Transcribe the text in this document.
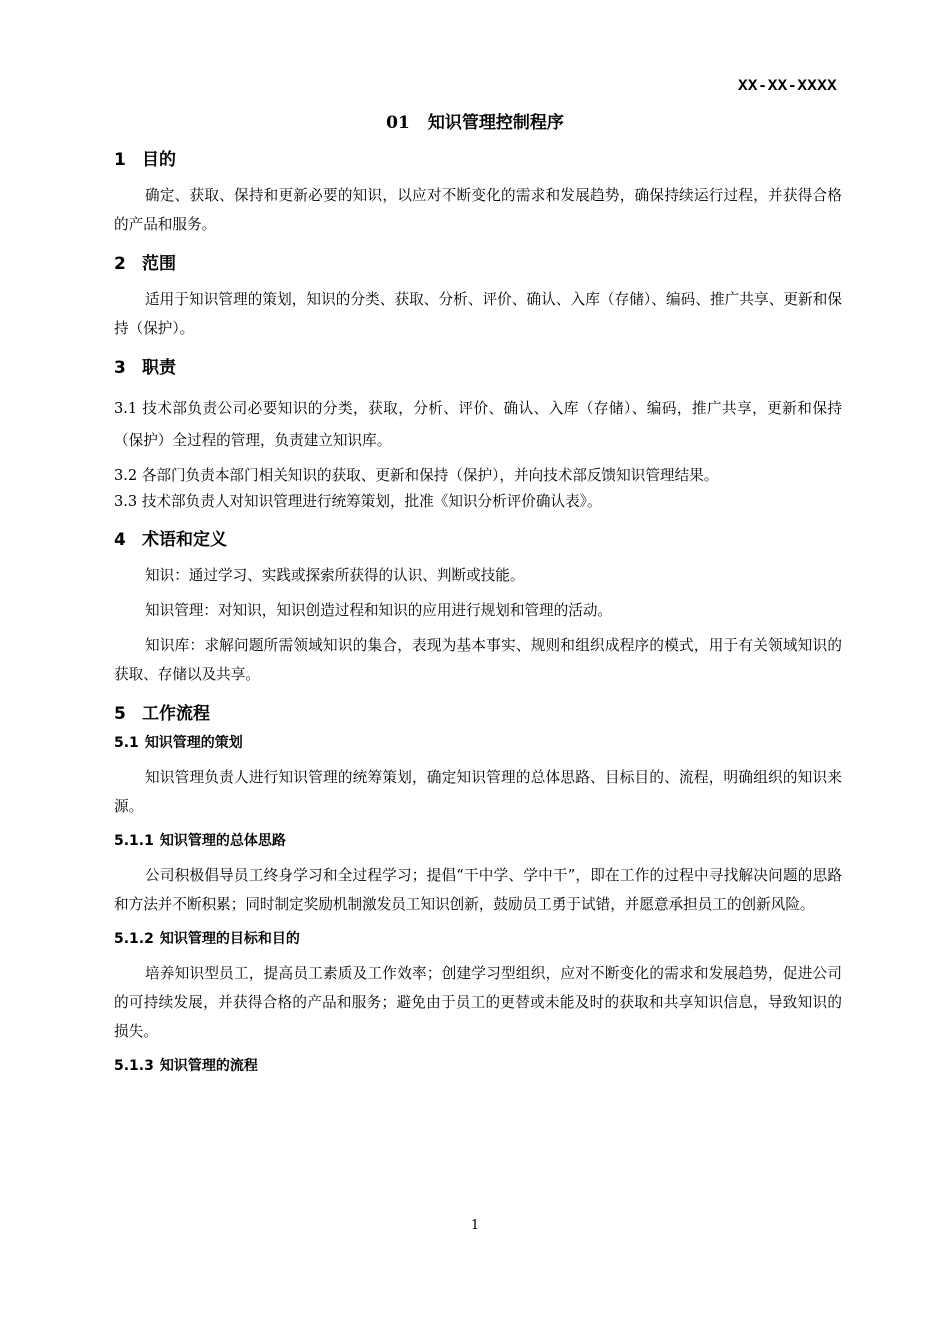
XX-XX-XXXX
01 知识管理控制程序
1 目的

确定、获取、保持和更新必要的知识，以应对不断变化的需求和发展趋势，确保持续运行过程，并获得合格的产品和服务。

2 范围

适用于知识管理的策划，知识的分类、获取、分析、评价、确认、入库（存储）、编码、推广共享、更新和保持（保护）。

3 职责

3.1 技术部负责公司必要知识的分类，获取，分析、评价、确认、入库（存储）、编码，推广共享，更新和保持（保护）全过程的管理，负责建立知识库。

3.2 各部门负责本部门相关知识的获取、更新和保持（保护），并向技术部反馈知识管理结果。

3.3 技术部负责人对知识管理进行统筹策划，批准《知识分析评价确认表》。

4 术语和定义

知识：通过学习、实践或探索所获得的认识、判断或技能。

知识管理：对知识，知识创造过程和知识的应用进行规划和管理的活动。

知识库：求解问题所需领域知识的集合，表现为基本事实、规则和组织成程序的模式，用于有关领域知识的获取、存储以及共享。

5 工作流程
5.1 知识管理的策划

知识管理负责人进行知识管理的统筹策划，确定知识管理的总体思路、目标目的、流程，明确组织的知识来源。

5.1.1 知识管理的总体思路

公司积极倡导员工终身学习和全过程学习；提倡“干中学、学中干”，即在工作的过程中寻找解决问题的思路和方法并不断积累；同时制定奖励机制激发员工知识创新，鼓励员工勇于试错，并愿意承担员工的创新风险。

5.1.2 知识管理的目标和目的

培养知识型员工，提高员工素质及工作效率；创建学习型组织，应对不断变化的需求和发展趋势，促进公司的可持续发展，并获得合格的产品和服务；避免由于员工的更替或未能及时的获取和共享知识信息，导致知识的损失。

5.1.3 知识管理的流程
1
